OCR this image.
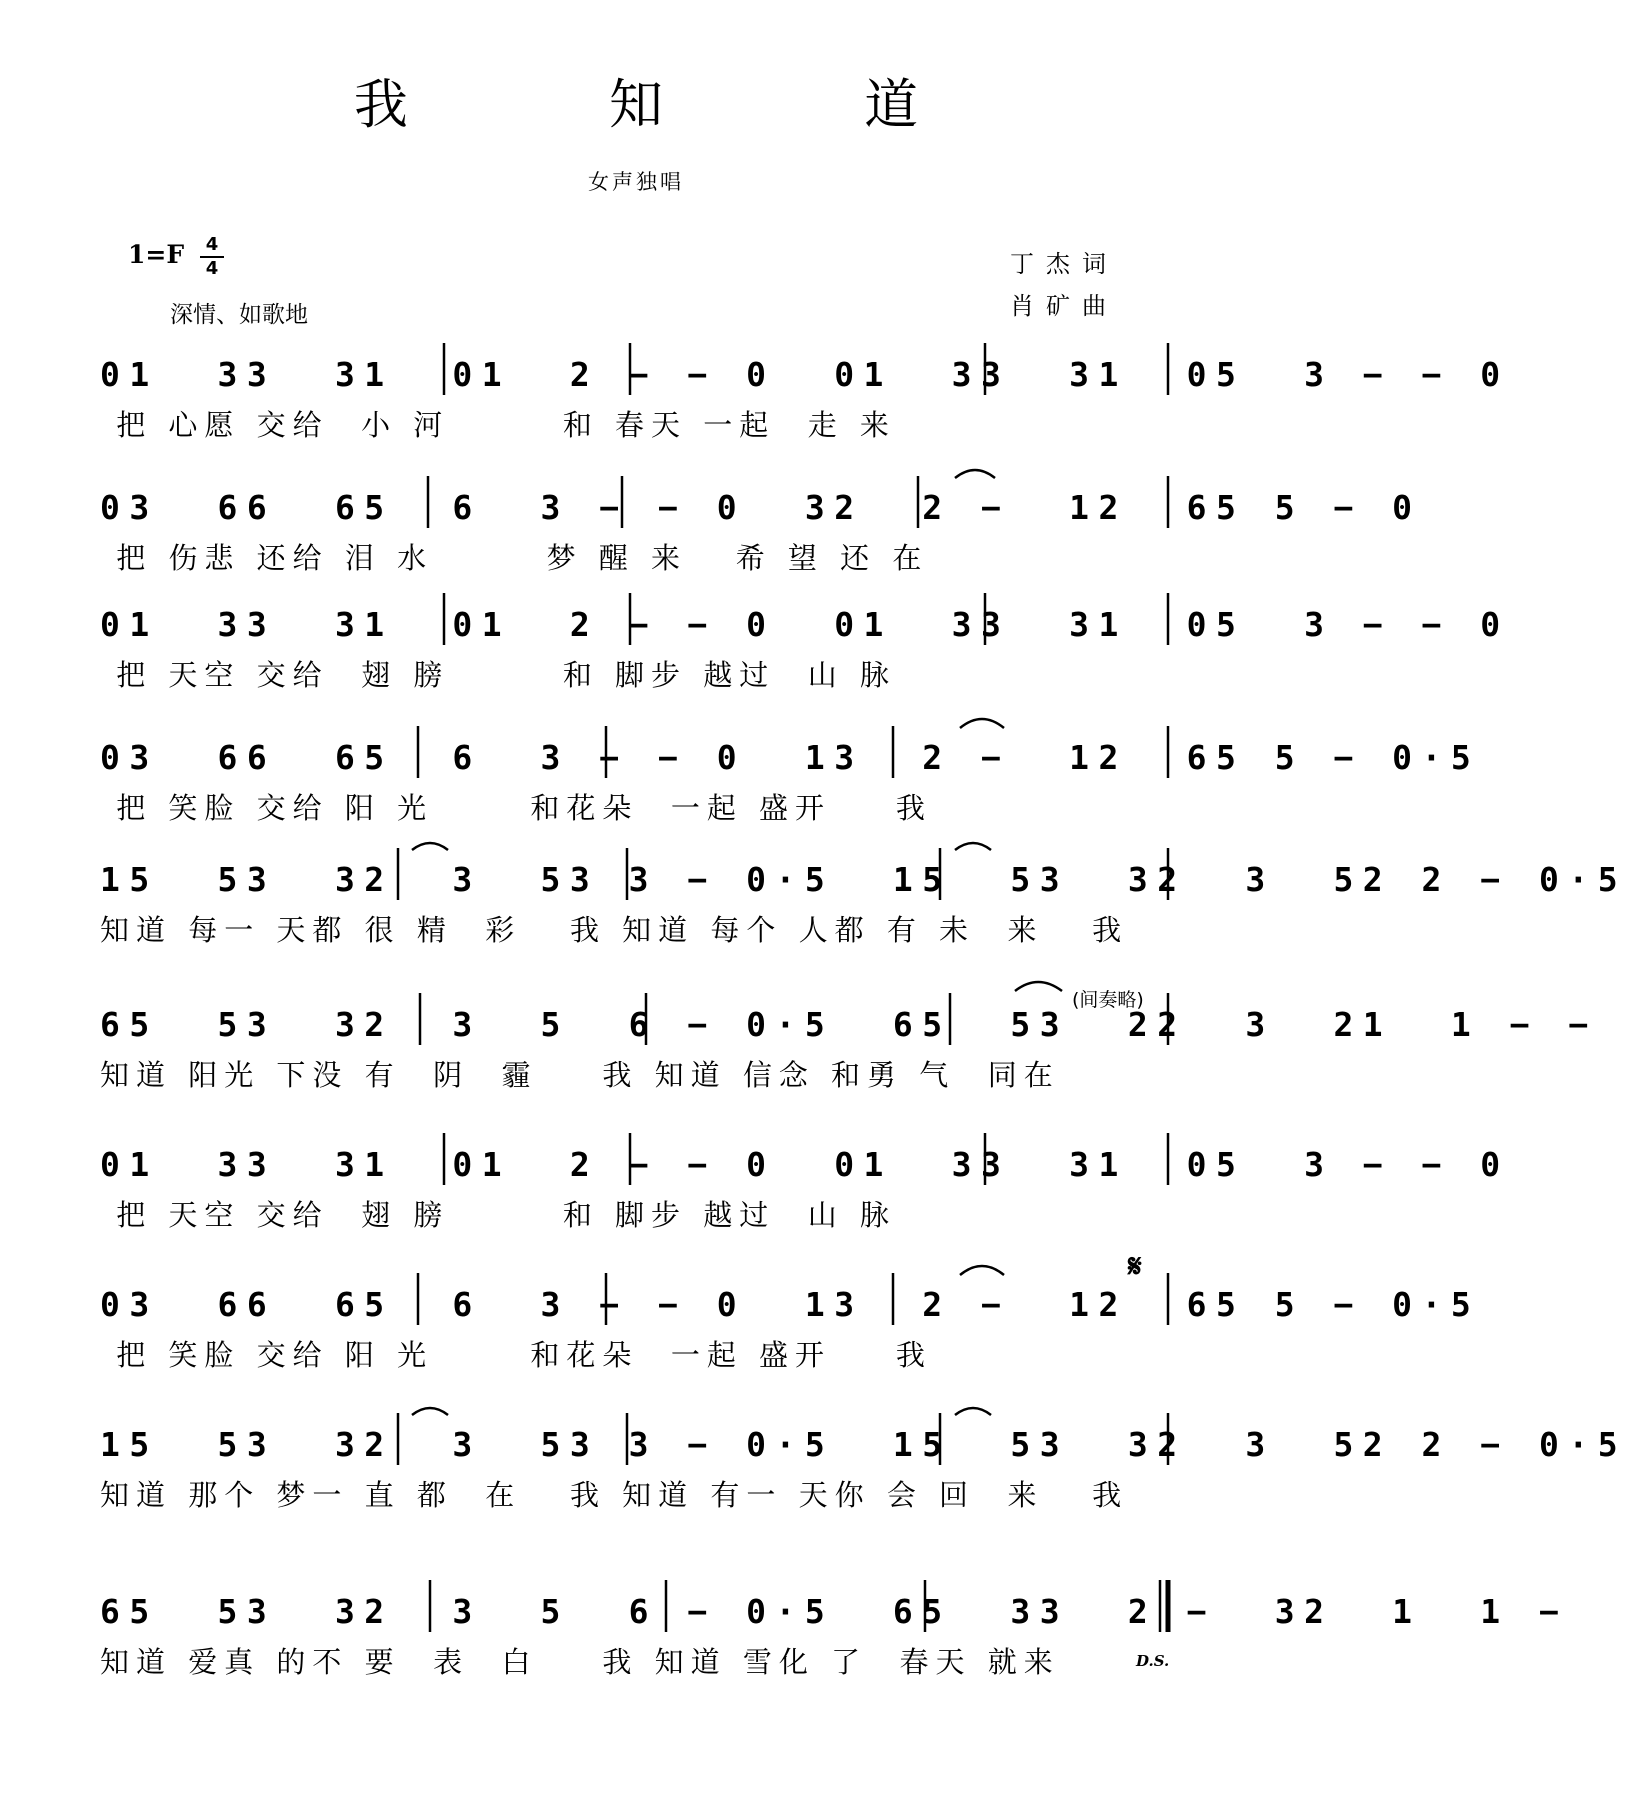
我 知 道
女声独唱
1=F	4
4
深情、如歌地
丁杰词
肖矿曲
01  33  31  01  2 − − 0  01  33  31  05  3 − − 0
把 心愿 交给  小 河       和 春天 一起  走 来
03  66  65  6  3 − − 0  32  2 −  12  65 5 − 0
把 伤悲 还给 泪 水       梦 醒 来   希 望 还 在
01  33  31  01  2 − − 0  01  33  31  05  3 − − 0
把 天空 交给  翅 膀       和 脚步 越过  山 脉
03  66  65  6  3 − − 0  13  2 −  12  65 5 − 0·5
把 笑脸 交给 阳 光      和花朵  一起 盛开    我
15  53  32  3  53 3 − 0·5  15  53  32  3  52 2 − 0·5
知道 每一 天都 很 精  彩   我 知道 每个 人都 有 未  来   我
65  53  32  3  5  6 − 0·5  65  53  22  3  21  1 − −
知道 阳光 下没 有  阴  霾    我 知道 信念 和勇 气  同在
01  33  31  01  2 − − 0  01  33  31  05  3 − − 0
把 天空 交给  翅 膀       和 脚步 越过  山 脉
03  66  65  6  3 − − 0  13  2 −  12  65 5 − 0·5
把 笑脸 交给 阳 光      和花朵  一起 盛开    我
15  53  32  3  53 3 − 0·5  15  53  32  3  52 2 − 0·5
知道 那个 梦一 直 都  在   我 知道 有一 天你 会 回  来   我
65  53  32  3  5  6 − 0·5  65  33  2 −  32  1  1 −
知道 爱真 的不 要  表  白    我 知道 雪化 了  春天 就来
(间奏略)
𝄋
D.S.
